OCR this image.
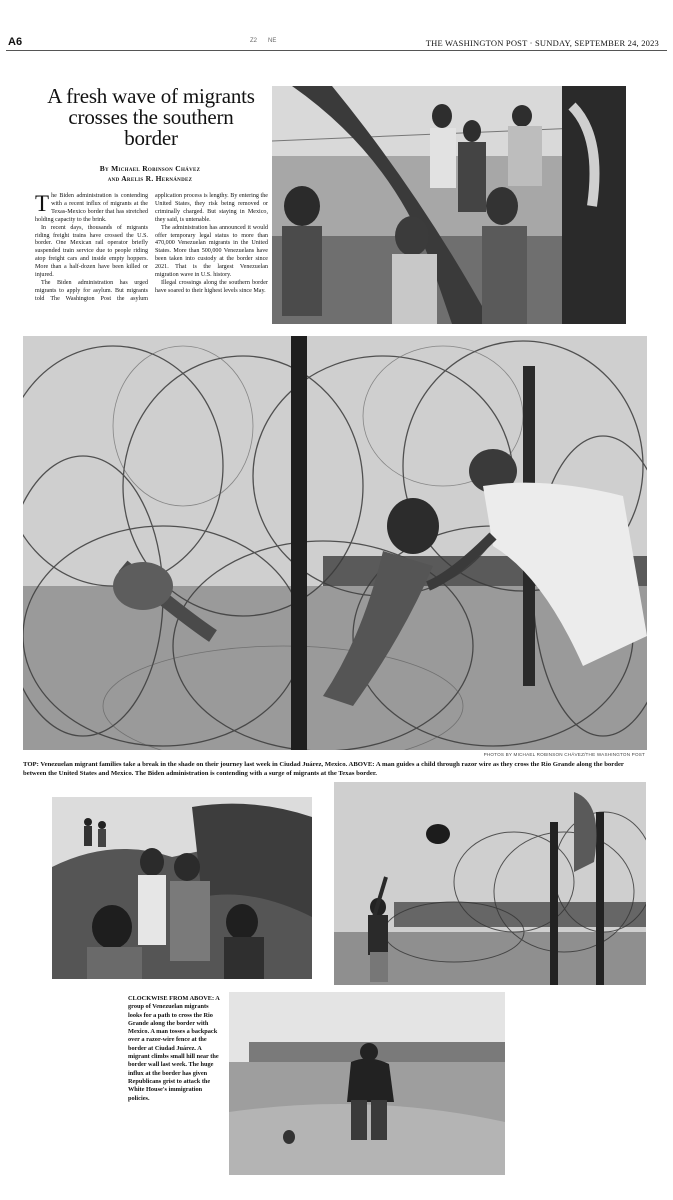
A6	Z2 NE	THE WASHINGTON POST · SUNDAY, SEPTEMBER 24, 2023
A fresh wave of migrants crosses the southern border
By Michael Robinson Chávez
and Arelis R. Hernández

The Biden administration is contending with a recent influx of migrants at the Texas-Mexico border that has stretched holding capacity to the brink.

In recent days, thousands of migrants riding freight trains have crossed the U.S. border. One Mexican rail operator briefly suspended train service due to people riding atop freight cars and inside empty hoppers. More than a half-dozen have been killed or injured.

The Biden administration has urged migrants to apply for asylum. But migrants told The Washington Post the asylum application process is lengthy. By entering the United States, they risk being removed or criminally charged. But staying in Mexico, they said, is untenable.

The administration has announced it would offer temporary legal status to more than 470,000 Venezuelan migrants in the United States. More than 500,000 Venezuelans have been taken into custody at the border since 2021. That is the largest Venezuelan migration wave in U.S. history.

Illegal crossings along the southern border have soared to their highest levels since May.

PHOTOS BY MICHAEL ROBINSON CHÁVEZ/THE WASHINGTON POST
TOP: Venezuelan migrant families take a break in the shade on their journey last week in Ciudad Juárez, Mexico. ABOVE: A man guides a child through razor wire as they cross the Rio Grande along the border between the United States and Mexico. The Biden administration is contending with a surge of migrants at the Texas border.
CLOCKWISE FROM ABOVE: A group of Venezuelan migrants looks for a path to cross the Rio Grande along the border with Mexico. A man tosses a backpack over a razor-wire fence at the border at Ciudad Juárez. A migrant climbs small hill near the border wall last week. The huge influx at the border has given Republicans grist to attack the White House's immigration policies.
